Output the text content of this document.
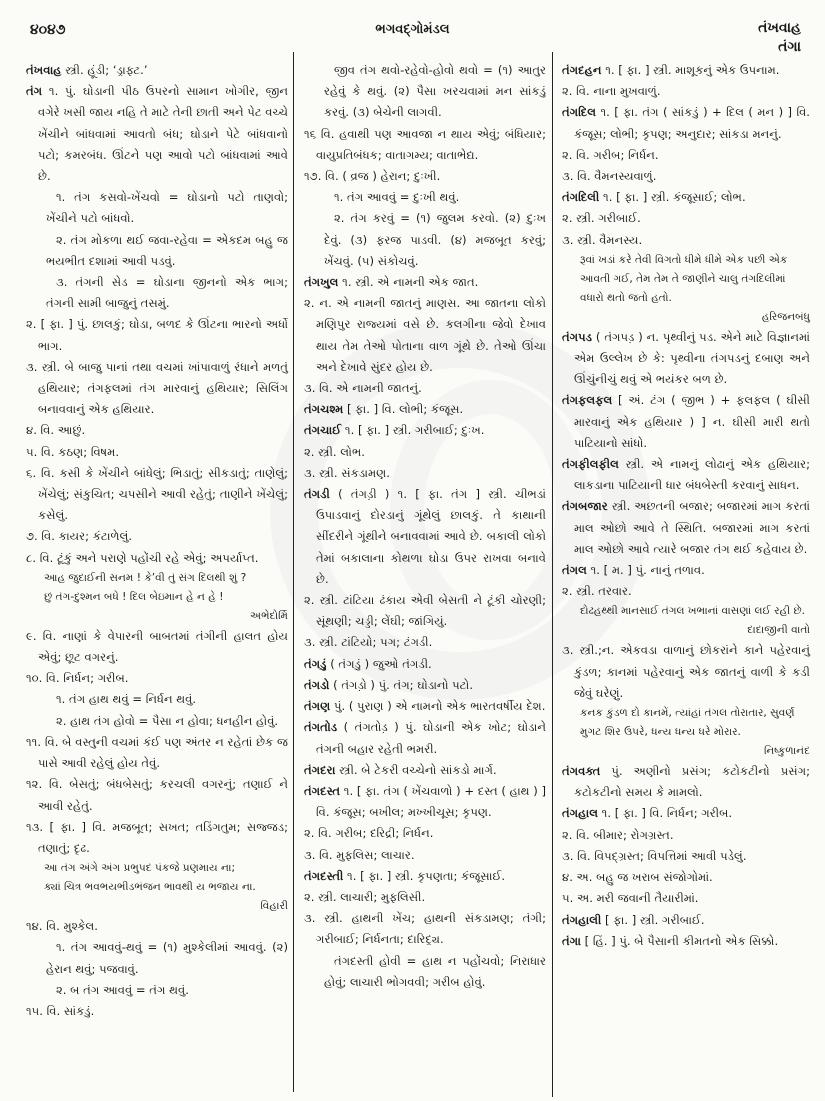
૪૦૪૭	ભગવદ્ગોમંડલ	તંખવાહ
તંગા

તંખવાહ સ્ત્રી. હૂંડી; ‘ડ્રાફ્ટ.’

તંગ ૧. પું. ઘોડાની પીઠ ઉપરનો સામાન ખોગીર, જીન વગેરે ખસી જાય નહિ તે માટે તેની છાતી અને પેટ વચ્ચે ખેંચીને બાંધવામાં આવતો બંધ; ઘોડાને પેટે બાંધવાનો પટો; કમરબંધ. ઊંટને પણ આવો પટો બાંધવામાં આવે છે.

૧. તંગ કસવો-ખેંચવો = ઘોડાનો પટો તાણવો; ખેંચીને પટો બાંધવો.

૨. તંગ મોકળા થઈ જવા-રહેવા = એકદમ બહુ જ ભયભીત દશામાં આવી પડવું.

૩. તંગની સેડ = ઘોડાના જીનનો એક ભાગ; તંગની સામી બાજુનું તસમું.

૨. [ ફા. ] પું. છાલકું; ઘોડા, બળદ કે ઊંટના ભારનો અર્ધો ભાગ.

૩. સ્ત્રી. બે બાજુ પાનાં તથા વચમાં ખાંપાવાળું રંધાને મળતું હથિયાર; તંગફલમાં તંગ મારવાનું હથિયાર; સિલિંગ બનાવવાનું એક હથિયાર.

૪. વિ. આછું.

૫. વિ. કઠણ; વિષમ.

૬. વિ. કસી કે ખેંચીને બાંધેલું; ભિડાતું; સીકડાતું; તાણેલું; ખેંચેલું; સંકુચિત; ચપસીને આવી રહેતું; તાણીને ખેંચેલું; કસેલું.

૭. વિ. કાયર; કંટાળેલું.

૮. વિ. ટૂંકું અને પરાણે પહોંચી રહે એવું; અપર્યાપ્ત.

આહ જુદાઈની સનમ ! કે’વી તું સંગ દિલથી શું ?

છું તંગ-દુશ્મન બધે ! દિલ બેઇમાન હે ન હે !

અભેદોર્મિ

૯. વિ. નાણાં કે વેપારની બાબતમાં તંગીની હાલત હોય એવું; છૂટ વગરનું.

૧૦. વિ. નિર્ધન; ગરીબ.

૧. તંગ હાથ થવું = નિર્ધન થવું.

૨. હાથ તંગ હોવો = પૈસા ન હોવા; ધનહીન હોવું.

૧૧. વિ. બે વસ્તુની વચમાં કંઈ પણ અંતર ન રહેતાં છેક જ પાસે આવી રહેલું હોય તેવું.

૧૨. વિ. બેસતું; બંધબેસતું; કરચલી વગરનું; તણાઈ ને આવી રહેતું.

૧૩. [ ફા. ] વિ. મજબૂત; સખત; તડિંગતુમ; સજ્જડ; તણાતું; દૃઢ.

આ તંગ અંગે અંગ પ્રભુપદ પંકજે પ્રણમાય ના;

ક્યાં ચિત્ર ભવભયભીડભંજન ભાવથી ય ભજાય ના.

વિહારી

૧૪. વિ. મુશ્કેલ.

૧. તંગ આવવું-થવું = (૧) મુશ્કેલીમાં આવવું. (૨) હેરાન થવું; પજવાવું.

૨. બ તંગ આવવું = તંગ થવું.

૧૫. વિ. સાંકડું.

જીવ તંગ થવો-રહેવો-હોવો થવો = (૧) આતુર રહેવું કે થવું. (૨) પૈસા ખરચવામાં મન સાંકડું કરવું. (૩) બેચેની લાગવી.

૧૬ વિ. હવાથી પણ આવજા ન થાય એવું; બંધિયાર; વાયુપ્રતિબંધક; વાતાગમ્ય; વાતાભેદ્ય.

૧૭. વિ. ( વ્રજ ) હેરાન; દુઃખી.

૧. તંગ આવવું = દુઃખી થવું.

૨. તંગ કરવું = (૧) જુલમ કરવો. (૨) દુઃખ દેવું. (૩) ફરજ પાડવી. (૪) મજબૂત કરવું; ખેંચવું. (૫) સંકોચવું.

તંગખુલ ૧. સ્ત્રી. એ નામની એક જાત.

૨. ન. એ નામની જાતનું માણસ. આ જાતના લોકો મણિપુર રાજ્યમાં વસે છે. કલગીના જેવો દેખાવ થાય તેમ તેઓ પોતાના વાળ ગૂંથે છે. તેઓ ઊંચા અને દેખાવે સુંદર હોય છે.

૩. વિ. એ નામની જાતનું.

તંગચશ્મ [ ફા. ] વિ. લોભી; કંજૂસ.

તંગચાઈ ૧. [ ફા. ] સ્ત્રી. ગરીબાઈ; દુઃખ.

૨. સ્ત્રી. લોભ.

૩. સ્ત્રી. સંકડામણ.

તંગડી ( તંગડ઼ી ) ૧. [ ફા. તંગ ] સ્ત્રી. ચીભડાં ઉપાડવાનું દોરડાનું ગૂંથેલું છાલકું. તે કાથાની સીંદરીને ગૂંથીને બનાવવામાં આવે છે. બકાલી લોકો તેમાં બકાલાના કોથળા ઘોડા ઉપર રાખવા બનાવે છે.

૨. સ્ત્રી. ટાંટિયા ઢંકાય એવી બેસતી ને ટૂંકી ચોરણી; સૂંથણી; ચડ્ડી; લેંઘી; જાંગિયું.

૩. સ્ત્રી. ટાંટિયો; પગ; ટંગડી.

તંગડું ( તંગડ઼ું ) જુઓ તંગડી.

તંગડો ( તંગડ઼ો ) પું. તંગ; ઘોડાનો પટો.

તંગણ પું. ( પુરાણ ) એ નામનો એક ભારતવર્ષીય દેશ.

તંગતોડ ( તંગતોડ઼ ) પું. ઘોડાની એક ખોટ; ઘોડાને તંગની બહાર રહેતી ભમરી.

તંગદરા સ્ત્રી. બે ટેકરી વચ્ચેનો સાંકડો માર્ગ.

તંગદસ્ત ૧. [ ફા. તંગ ( ખેંચવાળો ) + દસ્ત ( હાથ ) ] વિ. કંજૂસ; બખીલ; મખ્ખીચૂસ; કૃપણ.

૨. વિ. ગરીબ; દરિદ્રી; નિર્ધન.

૩. વિ. મુફલિસ; લાચાર.

તંગદસ્તી ૧. [ ફા. ] સ્ત્રી. કૃપણતા; કંજૂસાઈ.

૨. સ્ત્રી. લાચારી; મુફલિસી.

૩. સ્ત્રી. હાથની ખેંચ; હાથની સંકડામણ; તંગી; ગરીબાઈ; નિર્ધનતા; દારિદ્ર્ય.

તંગદસ્તી હોવી = હાથ ન પહોંચવો; નિરાધાર હોવું; લાચારી ભોગવવી; ગરીબ હોવું.

તંગદહન ૧. [ ફા. ] સ્ત્રી. માશૂકનું એક ઉપનામ.

૨. વિ. નાના મુખવાળું.

તંગદિલ ૧. [ ફા. તંગ ( સાંકડું ) + દિલ ( મન ) ] વિ. કંજૂસ; લોભી; કૃપણ; અનુદાર; સાંકડા મનનું.

૨. વિ. ગરીબ; નિર્ધન.

૩. વિ. વૈમનસ્યવાળું.

તંગદિલી ૧. [ ફા. ] સ્ત્રી. કંજૂસાઈ; લોભ.

૨. સ્ત્રી. ગરીબાઈ.

૩. સ્ત્રી. વૈમનસ્ય.

રૂવાં ખડાં કરે તેવી વિગતો ધીમે ધીમે એક પછી એક આવતી ગઈ, તેમ તેમ તે જાણીને ચાલુ તંગદિલીમાં વધારો થતો જતો હતો.

હરિજનબંધુ

તંગપડ ( તંગપડ઼ ) ન. પૃથ્વીનું પડ. એને માટે વિજ્ઞાનમાં એમ ઉલ્લેખ છે કે: પૃથ્વીના તંગપડનું દબાણ અને ઊંચુંનીચું થવું એ ભયંકર બળ છે.

તંગફલફલ [ અં. ટંગ ( જીભ ) + ફલફલ ( ઘીસી મારવાનું એક હથિયાર ) ] ન. ઘીસી મારી થતો પાટિયાનો સાંધો.

તંગફીલફીલ સ્ત્રી. એ નામનું લોઢાનું એક હથિયાર; લાકડાના પાટિયાની ધાર બંધબેસ્તી કરવાનું સાધન.

તંગબજાર સ્ત્રી. અછતની બજાર; બજારમાં માગ કરતાં માલ ઓછો આવે તે સ્થિતિ. બજારમાં માગ કરતાં માલ ઓછો આવે ત્યારે બજાર તંગ થઈ કહેવાય છે.

તંગલ ૧. [ મ. ] પું. નાનું તળાવ.

૨. સ્ત્રી. તરવાર.

દોઢહથ્થી માનસાઈ તંગલ ખભાનાં વાસણાં લઈ રહી છે.

દાદાજીની વાતો

૩. સ્ત્રી.;ન. એકવડા વાળાનું છોકરાંને કાને પહેરવાનું કુંડળ; કાનમાં પહેરવાનું એક જાતનું વાળી કે કડી જેવું ઘરેણું.

કનક કુંડળ દો કાનમેં, ત્યાંહાં તંગલ તોરાતાર, સુવર્ણ મુગટ શિર ઉપરે, ધન્ય ધન્ય ધરે મોરાર.

નિષ્કુળાનંદ

તંગવક્ત પું. અણીનો પ્રસંગ; કટોકટીનો પ્રસંગ; કટોકટીનો સમય કે મામલો.

તંગહાલ ૧. [ ફા. ] વિ. નિર્ધન; ગરીબ.

૨. વિ. બીમાર; રોગગ્રસ્ત.

૩. વિ. વિપદ્ગ્રસ્ત; વિપત્તિમાં આવી પડેલું.

૪. અ. બહુ જ ખરાબ સંજોગોમાં.

૫. અ. મરી જવાની તૈયારીમાં.

તંગહાલી [ ફા. ] સ્ત્રી. ગરીબાઈ.

તંગા [ હિં. ] પું. બે પૈસાની કીમતનો એક સિક્કો.
